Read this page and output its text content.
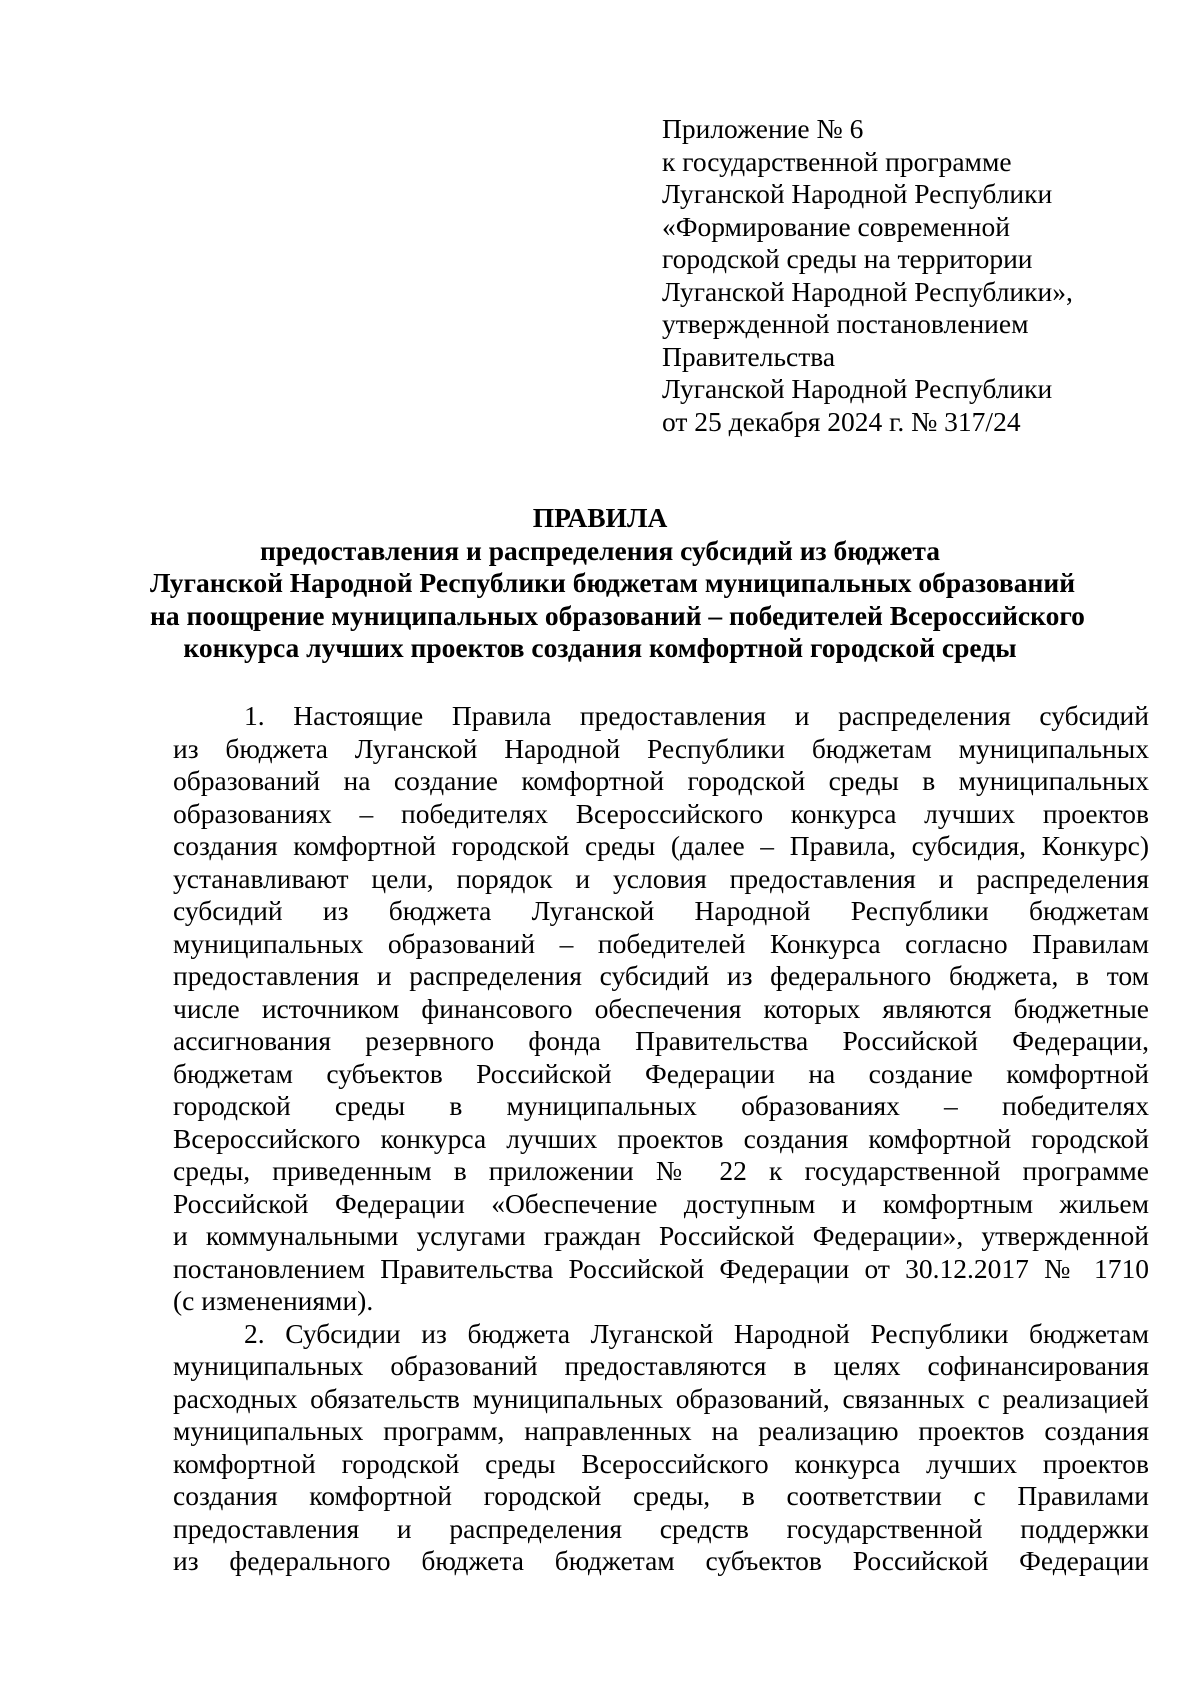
Приложение № 6
к государственной программе
Луганской Народной Республики
«Формирование современной
городской среды на территории
Луганской Народной Республики»,
утвержденной постановлением
Правительства
Луганской Народной Республики
от 25 декабря 2024 г. № 317/24
ПРАВИЛА
предоставления и распределения субсидий из бюджета
Луганской Народной Республики бюджетам муниципальных образований
на поощрение муниципальных образований – победителей Всероссийского
конкурса лучших проектов создания комфортной городской среды
1. Настоящие Правила предоставления и распределения субсидий
из бюджета Луганской Народной Республики бюджетам муниципальных
образований на создание комфортной городской среды в муниципальных
образованиях – победителях Всероссийского конкурса лучших проектов
создания комфортной городской среды (далее – Правила, субсидия, Конкурс)
устанавливают цели, порядок и условия предоставления и распределения
субсидий из бюджета Луганской Народной Республики бюджетам
муниципальных образований – победителей Конкурса согласно Правилам
предоставления и распределения субсидий из федерального бюджета, в том
числе источником финансового обеспечения которых являются бюджетные
ассигнования резервного фонда Правительства Российской Федерации,
бюджетам субъектов Российской Федерации на создание комфортной
городской среды в муниципальных образованиях – победителях
Всероссийского конкурса лучших проектов создания комфортной городской
среды, приведенным в приложении № 22 к государственной программе
Российской Федерации «Обеспечение доступным и комфортным жильем
и коммунальными услугами граждан Российской Федерации», утвержденной
постановлением Правительства Российской Федерации от 30.12.2017 № 1710
(с изменениями).
2. Субсидии из бюджета Луганской Народной Республики бюджетам
муниципальных образований предоставляются в целях софинансирования
расходных обязательств муниципальных образований, связанных с реализацией
муниципальных программ, направленных на реализацию проектов создания
комфортной городской среды Всероссийского конкурса лучших проектов
создания комфортной городской среды, в соответствии с Правилами
предоставления и распределения средств государственной поддержки
из федерального бюджета бюджетам субъектов Российской Федерации
